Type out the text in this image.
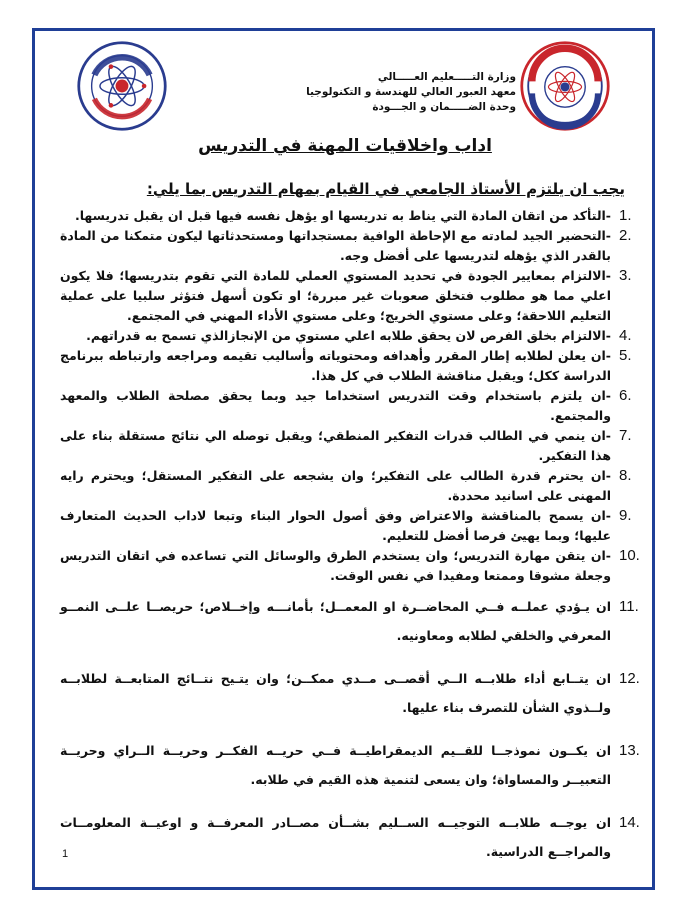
وزارة التـــــعليم العـــــالي
معهد العبور العالي للهندسة و التكنولوجيا
وحدة الضـــــمان و الجـــودة
اداب واخلاقيات المهنة في التدريس
يجب ان يلتزم الأستاذ الجامعي في القيام بمهام التدريس بما يلي:
1.
-التأكد من اتقان المادة التي يناط به تدريسها او يؤهل نفسه فيها قبل ان يقبل تدريسها.
2.
-التحضير الجيد لمادته مع الإحاطة الوافية بمستجداتها ومستحدثاتها ليكون متمكنا من المادة بالقدر الذي يؤهله لتدريسها على أفضل وجه.
3.
-الالتزام بمعايير الجودة في تحديد المستوي العملي للمادة التي تقوم بتدريسها؛ فلا يكون اعلي مما هو مطلوب فتخلق صعوبات غير مبررة؛ او تكون أسهل فتؤثر سلبيا على عملية التعليم اللاحقة؛ وعلى مستوي الخريج؛ وعلى مستوي الأداء المهني في المجتمع.
4.
-الالتزام بخلق الفرص لان يحقق طلابه اعلي مستوي من الإنجازالذي تسمح به قدراتهم.
5.
-ان يعلن لطلابه إطار المقرر وأهدافه ومحتوياته وأساليب تقيمه ومراجعه وارتباطه ببرنامج الدراسة ككل؛ ويقبل مناقشة الطلاب في كل هذا.
6.
-ان يلتزم باستخدام وقت التدريس استخداما جيد وبما يحقق مصلحة الطلاب والمعهد والمجتمع.
7.
-ان ينمي في الطالب قدرات التفكير المنطقي؛ ويقبل توصله الي نتائج مستقلة بناء على هذا التفكير.
8.
-ان يحترم قدرة الطالب على التفكير؛ وان يشجعه على التفكير المستقل؛ ويحترم رايه المهنى على اسانيد محددة.
9.
-ان يسمح بالمناقشة والاعتراض وفق أصول الحوار البناء وتبعا لاداب الحديث المتعارف عليها؛ وبما يهيئ فرصا أفضل للتعليم.
10.
-ان يتقن مهارة التدريس؛ وان يستخدم الطرق والوسائل التي تساعده في اتقان التدريس وجعلة مشوقا وممتعا ومفيدا في نفس الوقت.
11.
ان يـؤدي عملــه فــي المحاضــرة او المعمــل؛ بأمانـــه وإخــلاص؛ حريصــا علــى النمــو المعرفي والخلقي لطلابه ومعاونيه.
12.
ان يتــابع أداء طلابــه الــي أقصــى مــدي ممكــن؛ وان يتـيح نتــائج المتابعــة لطلابــه ولــذوي الشأن للتصرف بناء عليها.
13.
ان يكــون نموذجــا للقــيم الديمقراطيــة فــي حريــه الفكــر وحريــة الــراي وحريــة التعبيــر والمساواة؛ وان يسعى لتنمية هذه القيم في طلابه.
14.
ان يوجــه طلابــه التوجيــه الســليم بشــأن مصــادر المعرفــة و اوعيــة المعلومــات والمراجــع الدراسية.
1
